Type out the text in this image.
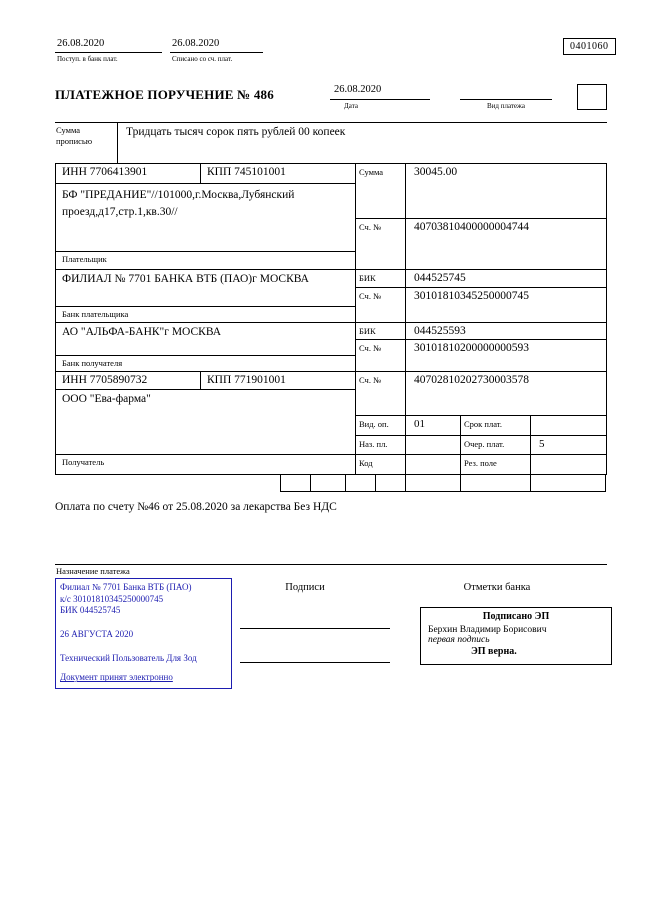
26.08.2020
Поступ. в банк плат.
26.08.2020
Списано со сч. плат.
0401060
ПЛАТЕЖНОЕ ПОРУЧЕНИЕ № 486	26.08.2020
Дата	Вид платежа
Сумма прописью
Тридцать тысяч сорок пять рублей 00 копеек
ИНН 7706413901	КПП 745101001
БФ "ПРЕДАНИЕ"//101000,г.Москва,Лубянский проезд,д17,стр.1,кв.30//
Плательщик
Сумма	30045.00
Сч. №	40703810400000004744
ФИЛИАЛ № 7701 БАНКА ВТБ (ПАО)г МОСКВА
Банк плательщика
БИК	044525745
Сч. №	30101810345250000745
АО "АЛЬФА-БАНК"г МОСКВА
Банк получателя
БИК	044525593
Сч. №	30101810200000000593
ИНН 7705890732	КПП 771901001
ООО "Ева-фарма"
Получатель
Сч. №	40702810202730003578
Вид. оп.	01	Срок плат.
Наз. пл.	Очер. плат.	5
Код	Рез. поле
Оплата по счету №46 от 25.08.2020 за лекарства Без НДС
Назначение платежа
Филиал № 7701 Банка ВТБ (ПАО)
к/с 30101810345250000745
БИК 044525745
26 АВГУСТА 2020
Технический Пользователь Для Зод
Документ принят электронно
Подписи	Отметки банка
Подписано ЭП
Берхин Владимир Борисович
первая подпись
ЭП верна.
